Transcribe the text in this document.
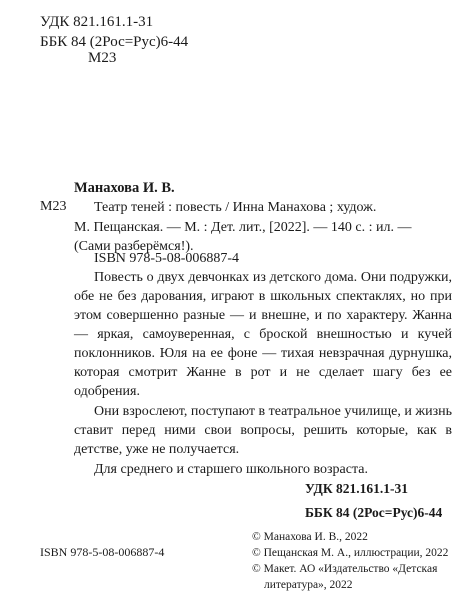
УДК 821.161.1-31
ББК 84 (2Рос=Рус)6-44
М23
Манахова И. В.
М23	Театр теней : повесть / Инна Манахова ; худож.
М. Пещанская. — М. : Дет. лит., [2022]. — 140 с. : ил. —
(Сами разберёмся!).
ISBN 978-5-08-006887-4

Повесть о двух девчонках из детского дома. Они подружки, обе не без дарования, играют в школьных спектаклях, но при этом совершенно разные — и внешне, и по характеру. Жанна — яркая, самоуверенная, с броской внешностью и кучей поклонников. Юля на ее фоне — тихая невзрачная дурнушка, которая смотрит Жанне в рот и не сделает шагу без ее одобрения.

Они взрослеют, поступают в театральное училище, и жизнь ставит перед ними свои вопросы, решить которые, как в детстве, уже не получается.

Для среднего и старшего школьного возраста.

УДК 821.161.1-31
ББК 84 (2Рос=Рус)6-44
© Манахова И. В., 2022
© Пещанская М. А., иллюстрации, 2022
© Макет. АО «Издательство «Детская
литература», 2022
ISBN 978-5-08-006887-4
